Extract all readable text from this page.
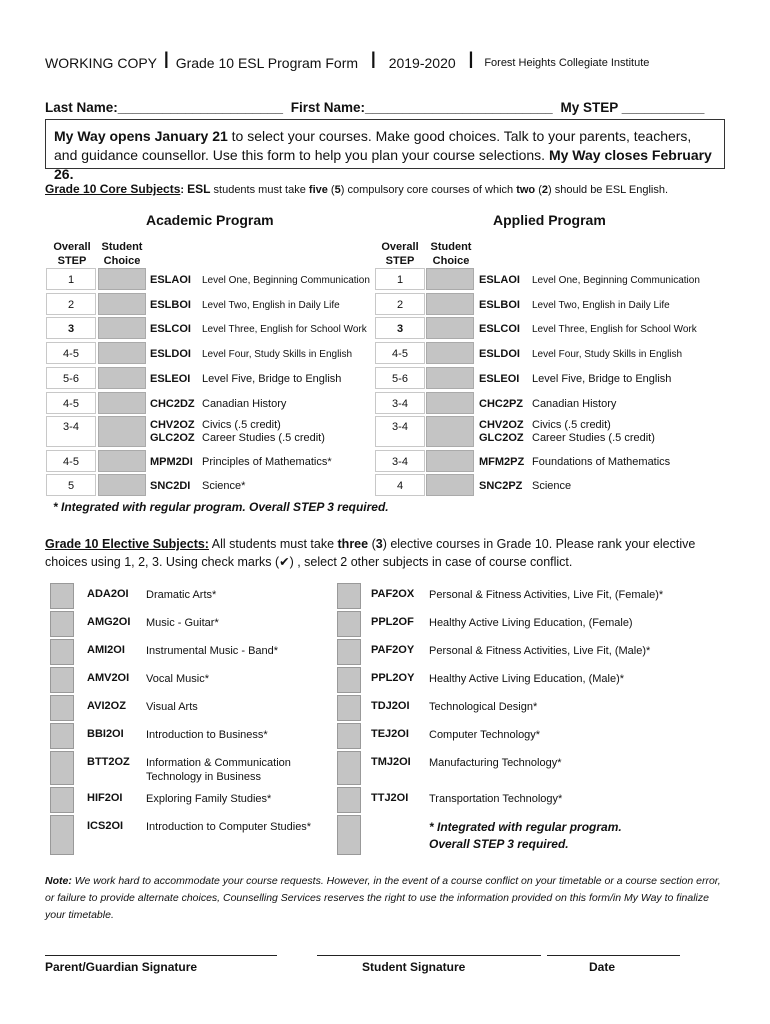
WORKING COPY I Grade 10 ESL Program Form I 2019-2020 I Forest Heights Collegiate Institute
Last Name:______________________ First Name:_________________________ My STEP ___________
My Way opens January 21 to select your courses. Make good choices. Talk to your parents, teachers, and guidance counsellor. Use this form to help you plan your course selections. My Way closes February 26.
Grade 10 Core Subjects: ESL students must take five (5) compulsory core courses of which two (2) should be ESL English.
Academic Program	Applied Program
Overall
STEP
Student
Choice
Overall
STEP
Student
Choice
1	ESLAOI Level One, Beginning Communication
2	ESLBOI Level Two, English in Daily Life
3	ESLCOI Level Three, English for School Work
4-5	ESLDOI Level Four, Study Skills in English
5-6	ESLEOI Level Five, Bridge to English
4-5	CHC2DZ Canadian History
3-4	CHV2OZ Civics (.5 credit)
GLC2OZ Career Studies (.5 credit)
4-5	MPM2DI Principles of Mathematics*
5	SNC2DI Science*
1	ESLAOI Level One, Beginning Communication
2	ESLBOI Level Two, English in Daily Life
3	ESLCOI Level Three, English for School Work
4-5	ESLDOI Level Four, Study Skills in English
5-6	ESLEOI Level Five, Bridge to English
3-4	CHC2PZ Canadian History
3-4	CHV2OZ Civics (.5 credit)
GLC2OZ Career Studies (.5 credit)
3-4	MFM2PZ Foundations of Mathematics
4	SNC2PZ Science
* Integrated with regular program. Overall STEP 3 required.
Grade 10 Elective Subjects: All students must take three (3) elective courses in Grade 10. Please rank your elective choices using 1, 2, 3. Using check marks (✔) , select 2 other subjects in case of course conflict.
ADA2OI Dramatic Arts*
AMG2OI Music - Guitar*
AMI2OI Instrumental Music - Band*
AMV2OI Vocal Music*
AVI2OZ Visual Arts
BBI2OI Introduction to Business*
BTT2OZ Information & Communication
Technology in Business
HIF2OI Exploring Family Studies*
ICS2OI Introduction to Computer Studies*
PAF2OX Personal & Fitness Activities, Live Fit, (Female)*
PPL2OF Healthy Active Living Education, (Female)
PAF2OY Personal & Fitness Activities, Live Fit, (Male)*
PPL2OY Healthy Active Living Education, (Male)*
TDJ2OI Technological Design*
TEJ2OI Computer Technology*
TMJ2OI Manufacturing Technology*
TTJ2OI Transportation Technology*
* Integrated with regular program.
Overall STEP 3 required.
Note: We work hard to accommodate your course requests. However, in the event of a course conflict on your timetable or a course section error, or failure to provide alternate choices, Counselling Services reserves the right to use the information provided on this form/in My Way to finalize your timetable.
Parent/Guardian Signature	Student Signature	Date
